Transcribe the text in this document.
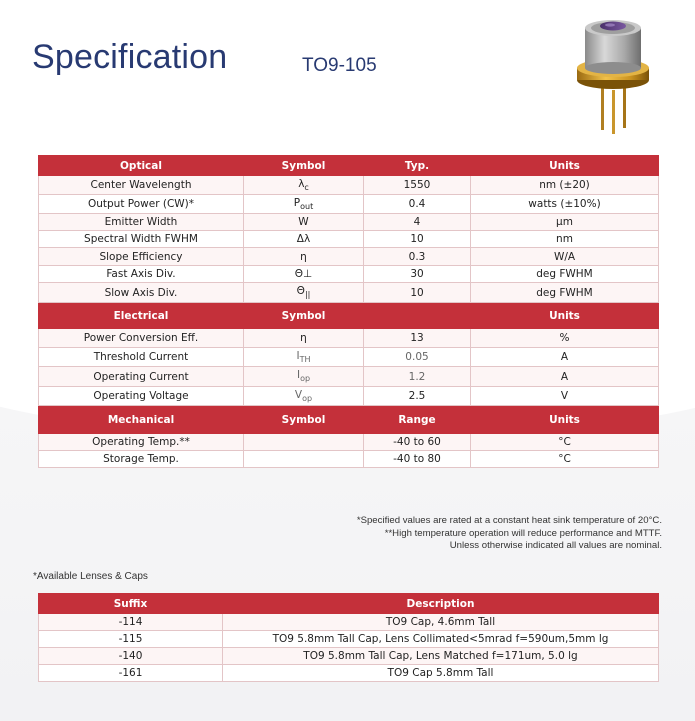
Specification	TO9-105
Optical	Symbol	Typ.	Units
Center Wavelength	$\lambda_c$	1550	nm (±20)
Output Power (CW)*	$P_{out}$	0.4	watts (±10%)
Emitter Width	W	4	μm
Spectral Width FWHM	Δλ	10	nm
Slope Efficiency	η	0.3	W/A
Fast Axis Div.	Θ⊥	30	deg FWHM
Slow Axis Div.	$\Theta_{||}$	10	deg FWHM
Electrical	Symbol		Units
Power Conversion Eff.	η	13	%
Threshold Current	$I_{TH}$	0.05	A
Operating Current	$I_{op}$	1.2	A
Operating Voltage	$V_{op}$	2.5	V
Mechanical	Symbol	Range	Units
Operating Temp.**		-40 to 60	°C
Storage Temp.		-40 to 80	°C
*Specified values are rated at a constant heat sink temperature of 20°C.
**High temperature operation will reduce performance and MTTF.
Unless otherwise indicated all values are nominal.
*Available Lenses & Caps
Suffix	Description
-114	TO9 Cap, 4.6mm Tall
-115	TO9 5.8mm Tall Cap, Lens Collimated<5mrad f=590um,5mm lg
-140	TO9 5.8mm Tall Cap, Lens Matched f=171um, 5.0 lg
-161	TO9 Cap 5.8mm Tall
